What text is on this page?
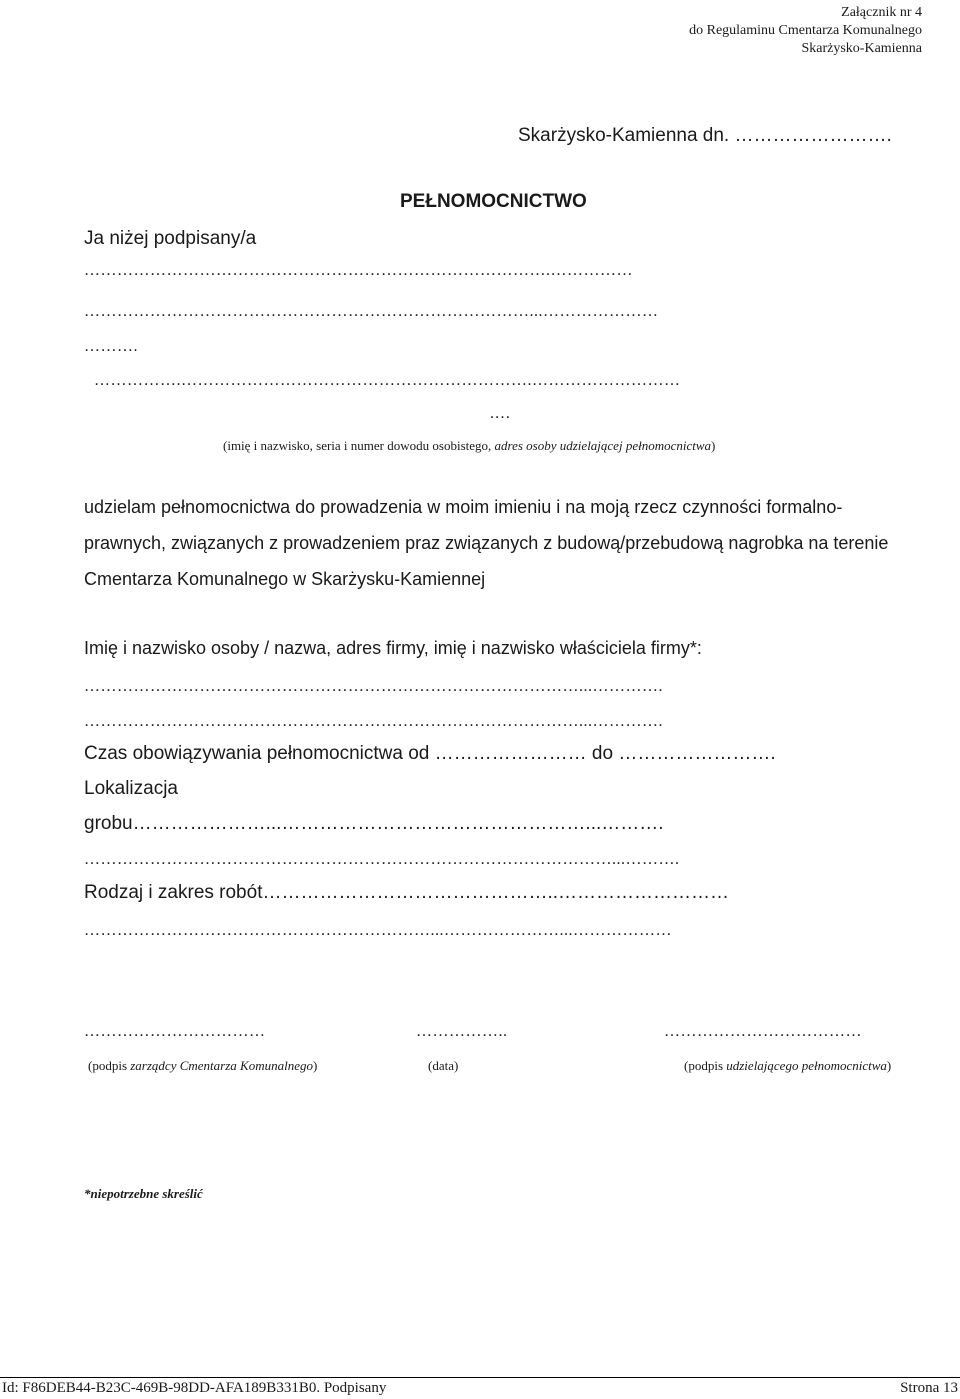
Załącznik nr 4
do Regulaminu Cmentarza Komunalnego
Skarżysko-Kamienna
Skarżysko-Kamienna dn. …………………….
PEŁNOMOCNICTWO
Ja niżej podpisany/a
………………………………………………………………………….……………
………………………………………………………………………...…………………
……….
…………….……………………………………………………….………………………
.…
(imię i nazwisko, seria i numer dowodu osobistego, adres osoby udzielającej pełnomocnictwa)
udzielam pełnomocnictwa do prowadzenia w moim imieniu i na moją rzecz czynności formalno-
prawnych, związanych z prowadzeniem praz związanych z budową/przebudową nagrobka na terenie
Cmentarza Komunalnego w Skarżysku-Kamiennej
Imię i nazwisko osoby / nazwa, adres firmy, imię i nazwisko właściciela firmy*:
………………………………………………………………………………...………….
………………………………………………………………………………...………….
Czas obowiązywania pełnomocnictwa od …………………… do …………………….
Lokalizacja
grobu…………………...…………………………………………...……….
……………………………………………………………………………………...……….
Rodzaj i zakres robót………………………………………..………………………
………………………………………………………...…………………...………………
……………………………	……………..	………………………………
(podpis zarządcy Cmentarza Komunalnego)	(data)	(podpis udzielającego pełnomocnictwa)
*niepotrzebne skreślić
Id: F86DEB44-B23C-469B-98DD-AFA189B331B0. Podpisany	Strona 13
